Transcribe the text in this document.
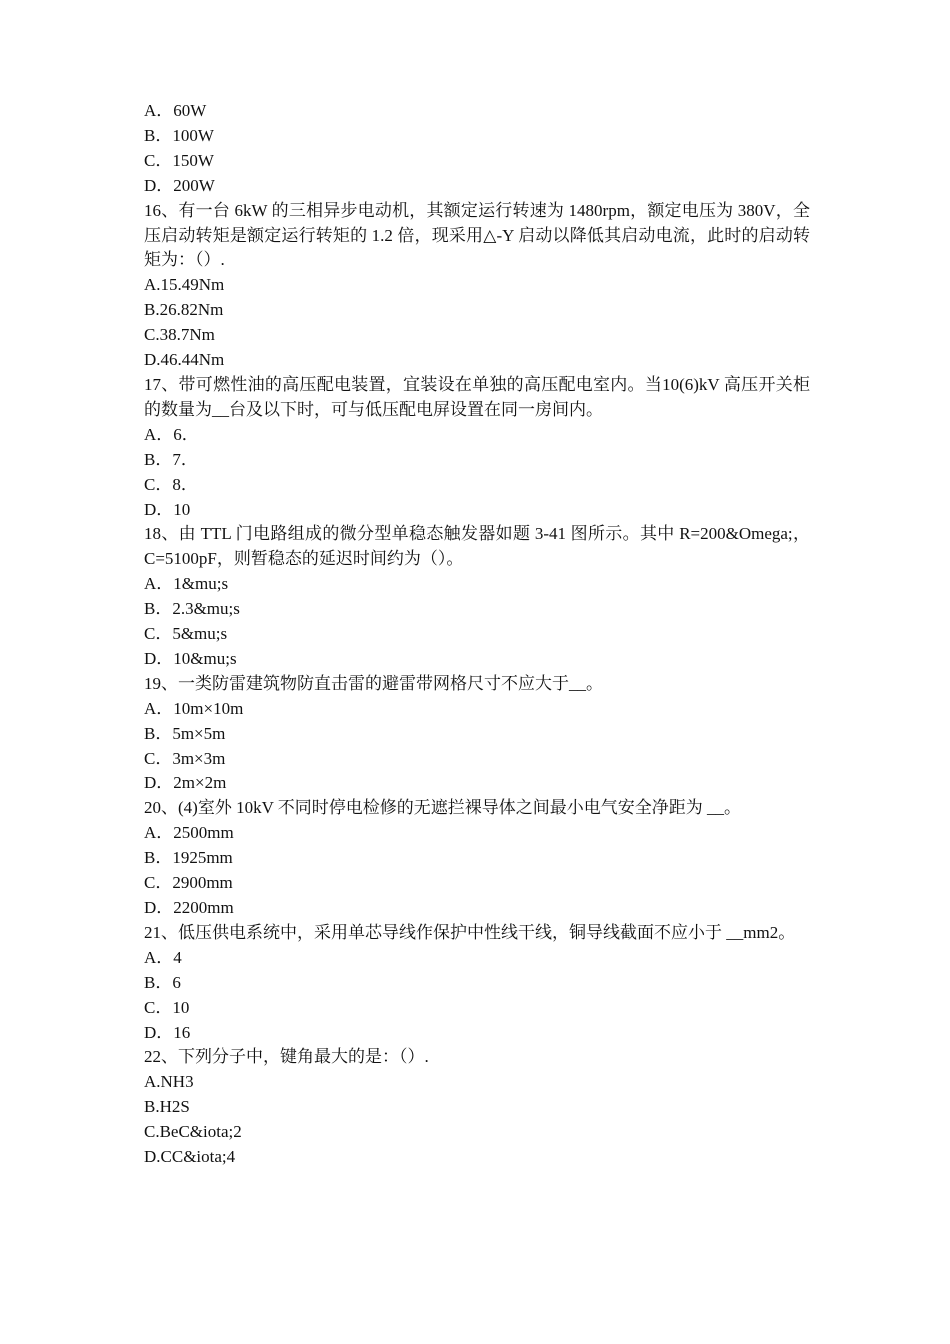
A．60W

B．100W

C．150W

D．200W

16、有一台 6kW 的三相异步电动机，其额定运行转速为 1480rpm，额定电压为 380V，全压启动转矩是额定运行转矩的 1.2 倍，现采用△-Y 启动以降低其启动电流，此时的启动转矩为：（）.

A.15.49Nm

B.26.82Nm

C.38.7Nm

D.46.44Nm

17、带可燃性油的高压配电装置，宜装设在单独的高压配电室内。当10(6)kV 高压开关柜的数量为__台及以下时，可与低压配电屏设置在同一房间内。

A．6．

B．7．

C．8．

D．10

18、由 TTL 门电路组成的微分型单稳态触发器如题 3-41 图所示。其中 R=200&Omega;，C=5100pF，则暂稳态的延迟时间约为（）。

A．1&mu;s

B．2.3&mu;s

C．5&mu;s

D．10&mu;s

19、一类防雷建筑物防直击雷的避雷带网格尺寸不应大于__。

A．10m×10m

B．5m×5m

C．3m×3m

D．2m×2m

20、(4)室外 10kV 不同时停电检修的无遮拦裸导体之间最小电气安全净距为 __。

A．2500mm

B．1925mm

C．2900mm

D．2200mm

21、低压供电系统中，采用单芯导线作保护中性线干线，铜导线截面不应小于 __mm2。

A．4

B．6

C．10

D．16

22、下列分子中，键角最大的是：（）.

A.NH3

B.H2S

C.BeC&iota;2

D.CC&iota;4
